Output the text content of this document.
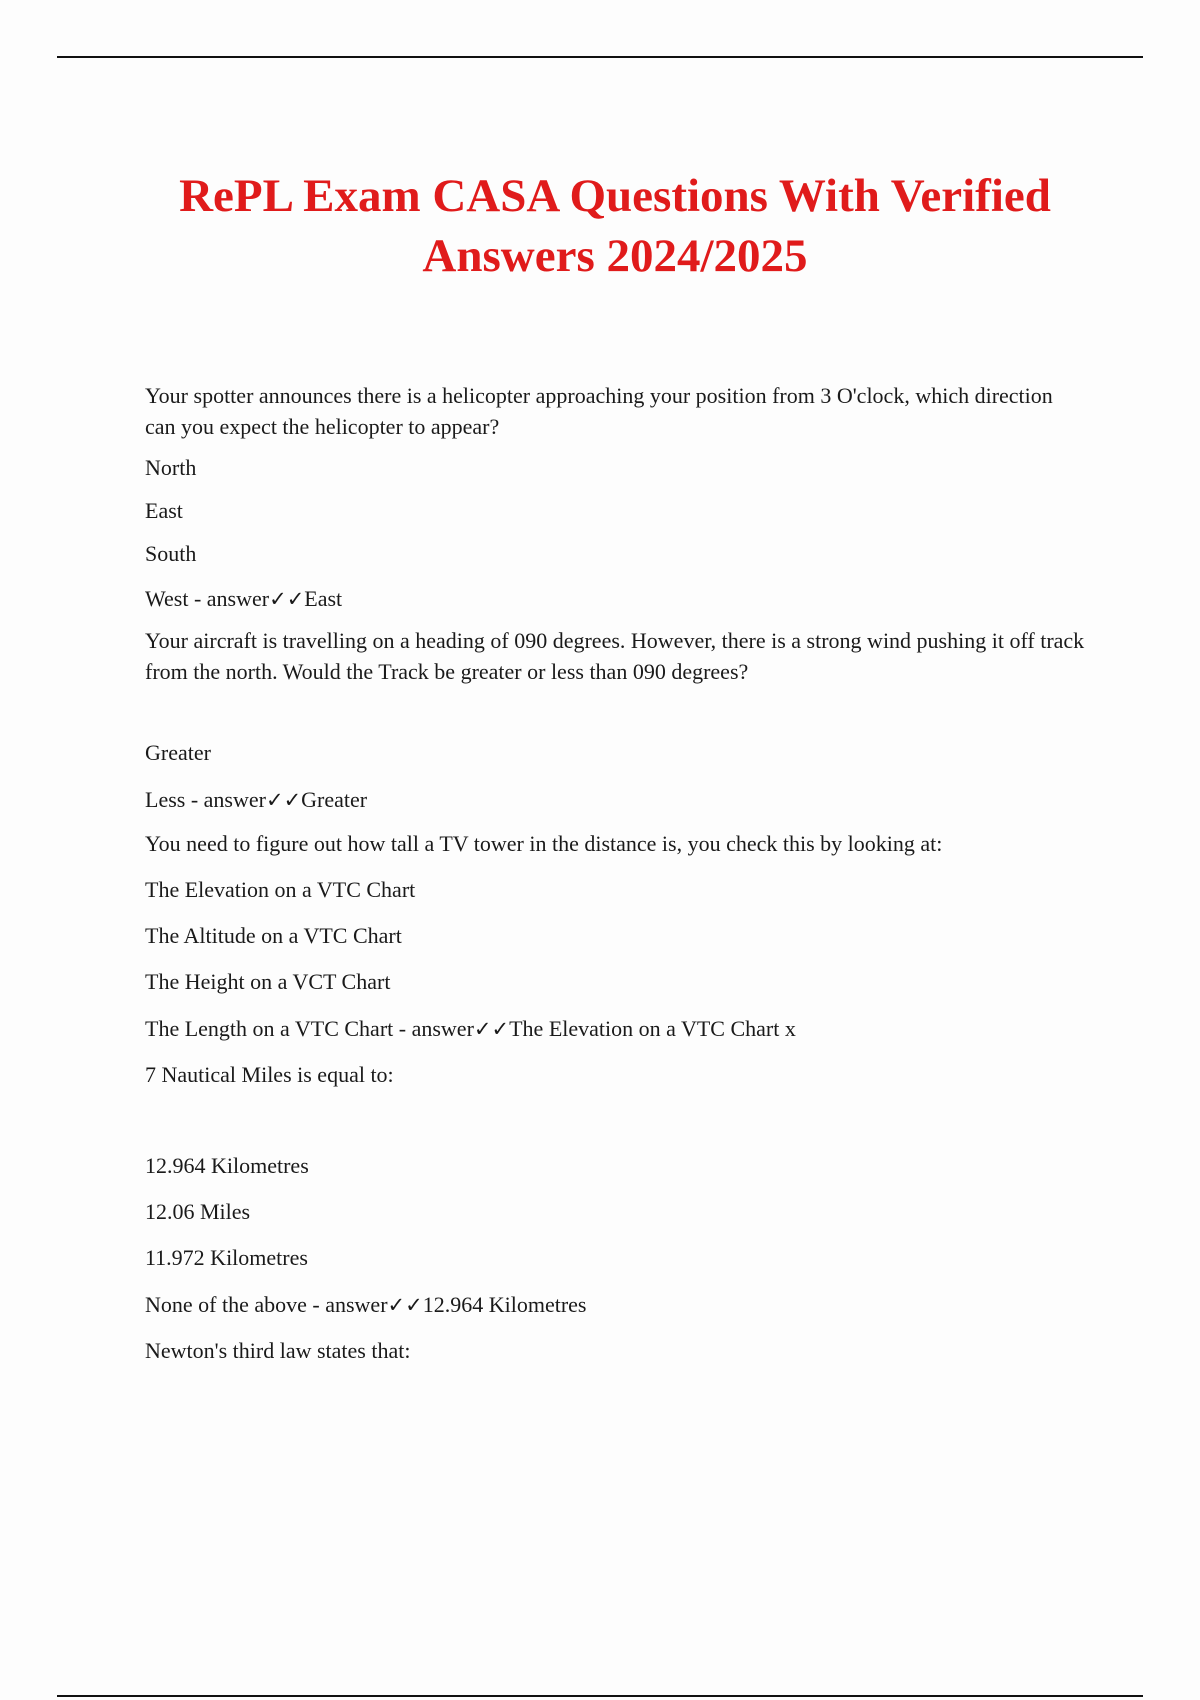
RePL Exam CASA Questions With Verified Answers 2024/2025

Your spotter announces there is a helicopter approaching your position from 3 O'clock, which direction can you expect the helicopter to appear?

North

East

South

West - answer✓✓East

Your aircraft is travelling on a heading of 090 degrees. However, there is a strong wind pushing it off track from the north. Would the Track be greater or less than 090 degrees?

Greater

Less - answer✓✓Greater

You need to figure out how tall a TV tower in the distance is, you check this by looking at:

The Elevation on a VTC Chart

The Altitude on a VTC Chart

The Height on a VCT Chart

The Length on a VTC Chart - answer✓✓The Elevation on a VTC Chart x

7 Nautical Miles is equal to:

12.964 Kilometres

12.06 Miles

11.972 Kilometres

None of the above - answer✓✓12.964 Kilometres

Newton's third law states that:
